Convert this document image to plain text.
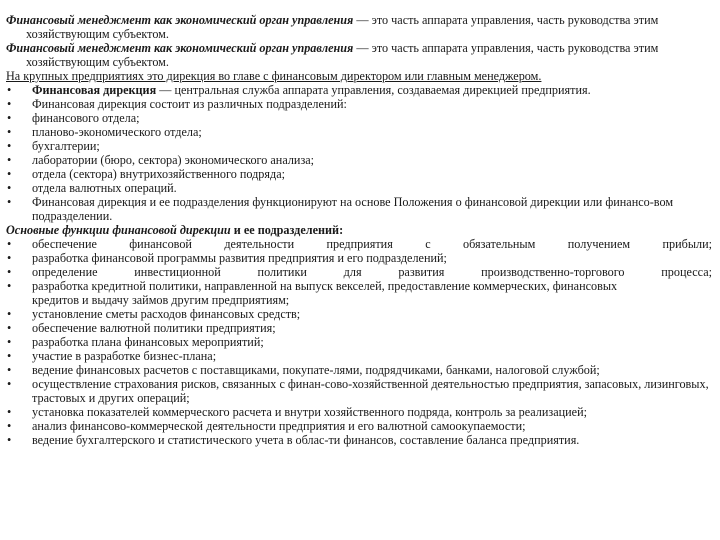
Финансовый менеджмент как экономический орган управления — это часть аппарата управления, часть руководства этим хозяйствующим субъектом.

Финансовый менеджмент как экономический орган управления — это часть аппарата управления, часть руководства этим хозяйствующим субъектом.

На крупных предприятиях это дирекция во главе с финансовым директором или главным менеджером.

•	Финансовая дирекция — центральная служба аппарата управления, создаваемая дирекцией предприятия.
•	Финансовая дирекция состоит из различных подразделений:
•	финансового отдела;
•	планово-экономического отдела;
•	бухгалтерии;
•	лаборатории (бюро, сектора) экономического анализа;
•	отдела (сектора) внутрихозяйственного подряда;
•	отдела валютных операций.
•	Финансовая дирекция и ее подразделения функционируют на основе Положения о финансовой дирекции или финансо-вом подразделении.

Основные функции финансовой дирекции и ее подразделений:

•	обеспечение финансовой деятельности предприятия с обязательным получением прибыли;
•	разработка финансовой программы развития предприятия и его подразделений;
•	определение инвестиционной политики для развития производственно-торгового процесса;
•	разработка кредитной политики, направленной на выпуск векселей, предоставление коммерческих, финансовых

кредитов и выдачу займов другим предприятиям;

•	установление сметы расходов финансовых средств;
•	обеспечение валютной политики предприятия;
•	разработка плана финансовых мероприятий;
•	участие в разработке бизнес-плана;
•	ведение финансовых расчетов с поставщиками, покупате-лями, подрядчиками, банками, налоговой службой;
•	осуществление страхования рисков, связанных с финан-сово-хозяйственной деятельностью предприятия, запасовых, лизинговых, трастовых и других операций;
•	установка показателей коммерческого расчета и внутри хозяйственного подряда, контроль за реализацией;
•	анализ финансово-коммерческой деятельности предприятия и его валютной самоокупаемости;
•	ведение бухгалтерского и статистического учета в облас-ти финансов, составление баланса предприятия.
